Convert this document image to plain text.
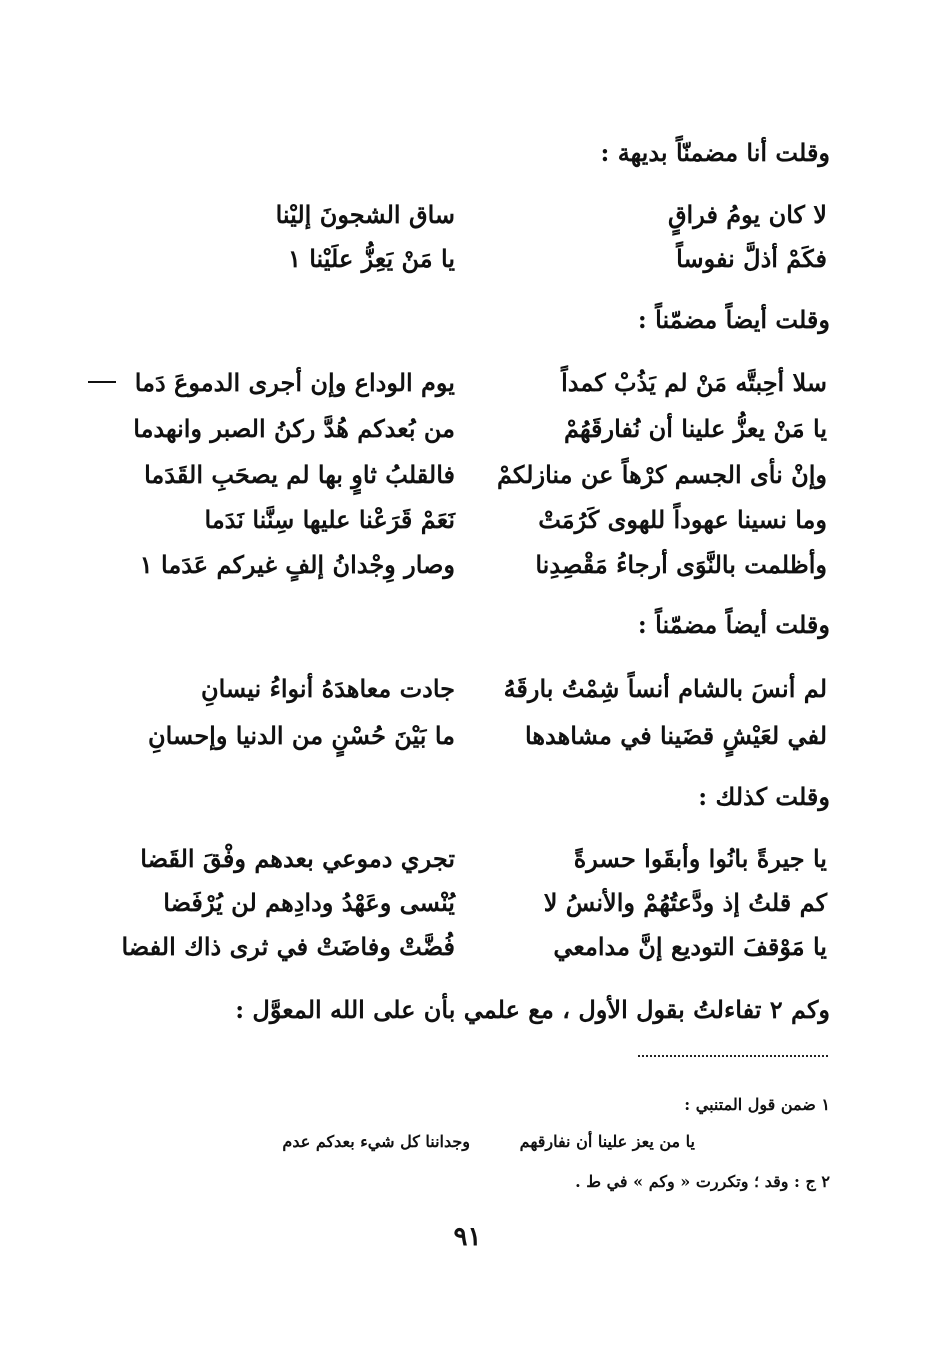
وقلت أنا مضمنّاً بديهة :
لا كان يومُ فراقٍ
ساق الشجونَ إليْنا
فكَمْ أذلَّ نفوساً
يا مَنْ يَعِزُّ علَيْنا ١
وقلت أيضاً مضمّناً :
سلا أحِبتَّه مَنْ لم يَذُبْ كمداً
يوم الوداع وإن أجرى الدموعَ دَما
يا مَنْ يعزُّ علينا أن نُفارقَهُمْ
من بُعدكم هُدَّ ركنُ الصبر وانهدما
وإنْ نأى الجسم كرْهاً عن منازلكمْ
فالقلبُ ثاوٍ بها لم يصحَبِ القَدَما
وما نسينا عهوداً للهوى كَرُمَتْ
نَعَمْ قَرَعْنا عليها سِنَّنا نَدَما
وأظلمت بالنَّوَى أرجاءُ مَقْصِدِنا
وصار وِجْدانُ إلفٍ غيركم عَدَما ١
وقلت أيضاً مضمّناً :
لم أنسَ بالشام أنساً شِمْتُ بارقَهُ
جادت معاهدَهُ أنواءُ نيسانِ
لفي لعَيْشٍ قضَينا في مشاهدها
ما بَيْنَ حُسْنٍ من الدنيا وإحسانِ
وقلت كذلك :
يا جيرةً بانُوا وأبقَوا حسرةً
تجري دموعي بعدهم وفْقَ القَضا
كم قلتُ إذ ودَّعتُهُمْ والأنسُ لا
يُنْسى وعَهْدُ ودادِهم لن يُرْفَضا
يا مَوْقفَ التوديع إنَّ مدامعي
فُضَّتْ وفاضَتْ في ثرى ذاك الفضا
وكم ٢ تفاءلتُ بقول الأول ، مع علمي بأن على الله المعوَّل :
١ ضمن قول المتنبي :
يا من يعز علينا أن نفارقهم
وجداننا كل شيء بعدكم عدم
٢ ج : وقد ؛ وتكررت « وكم » في ط .
٩١
